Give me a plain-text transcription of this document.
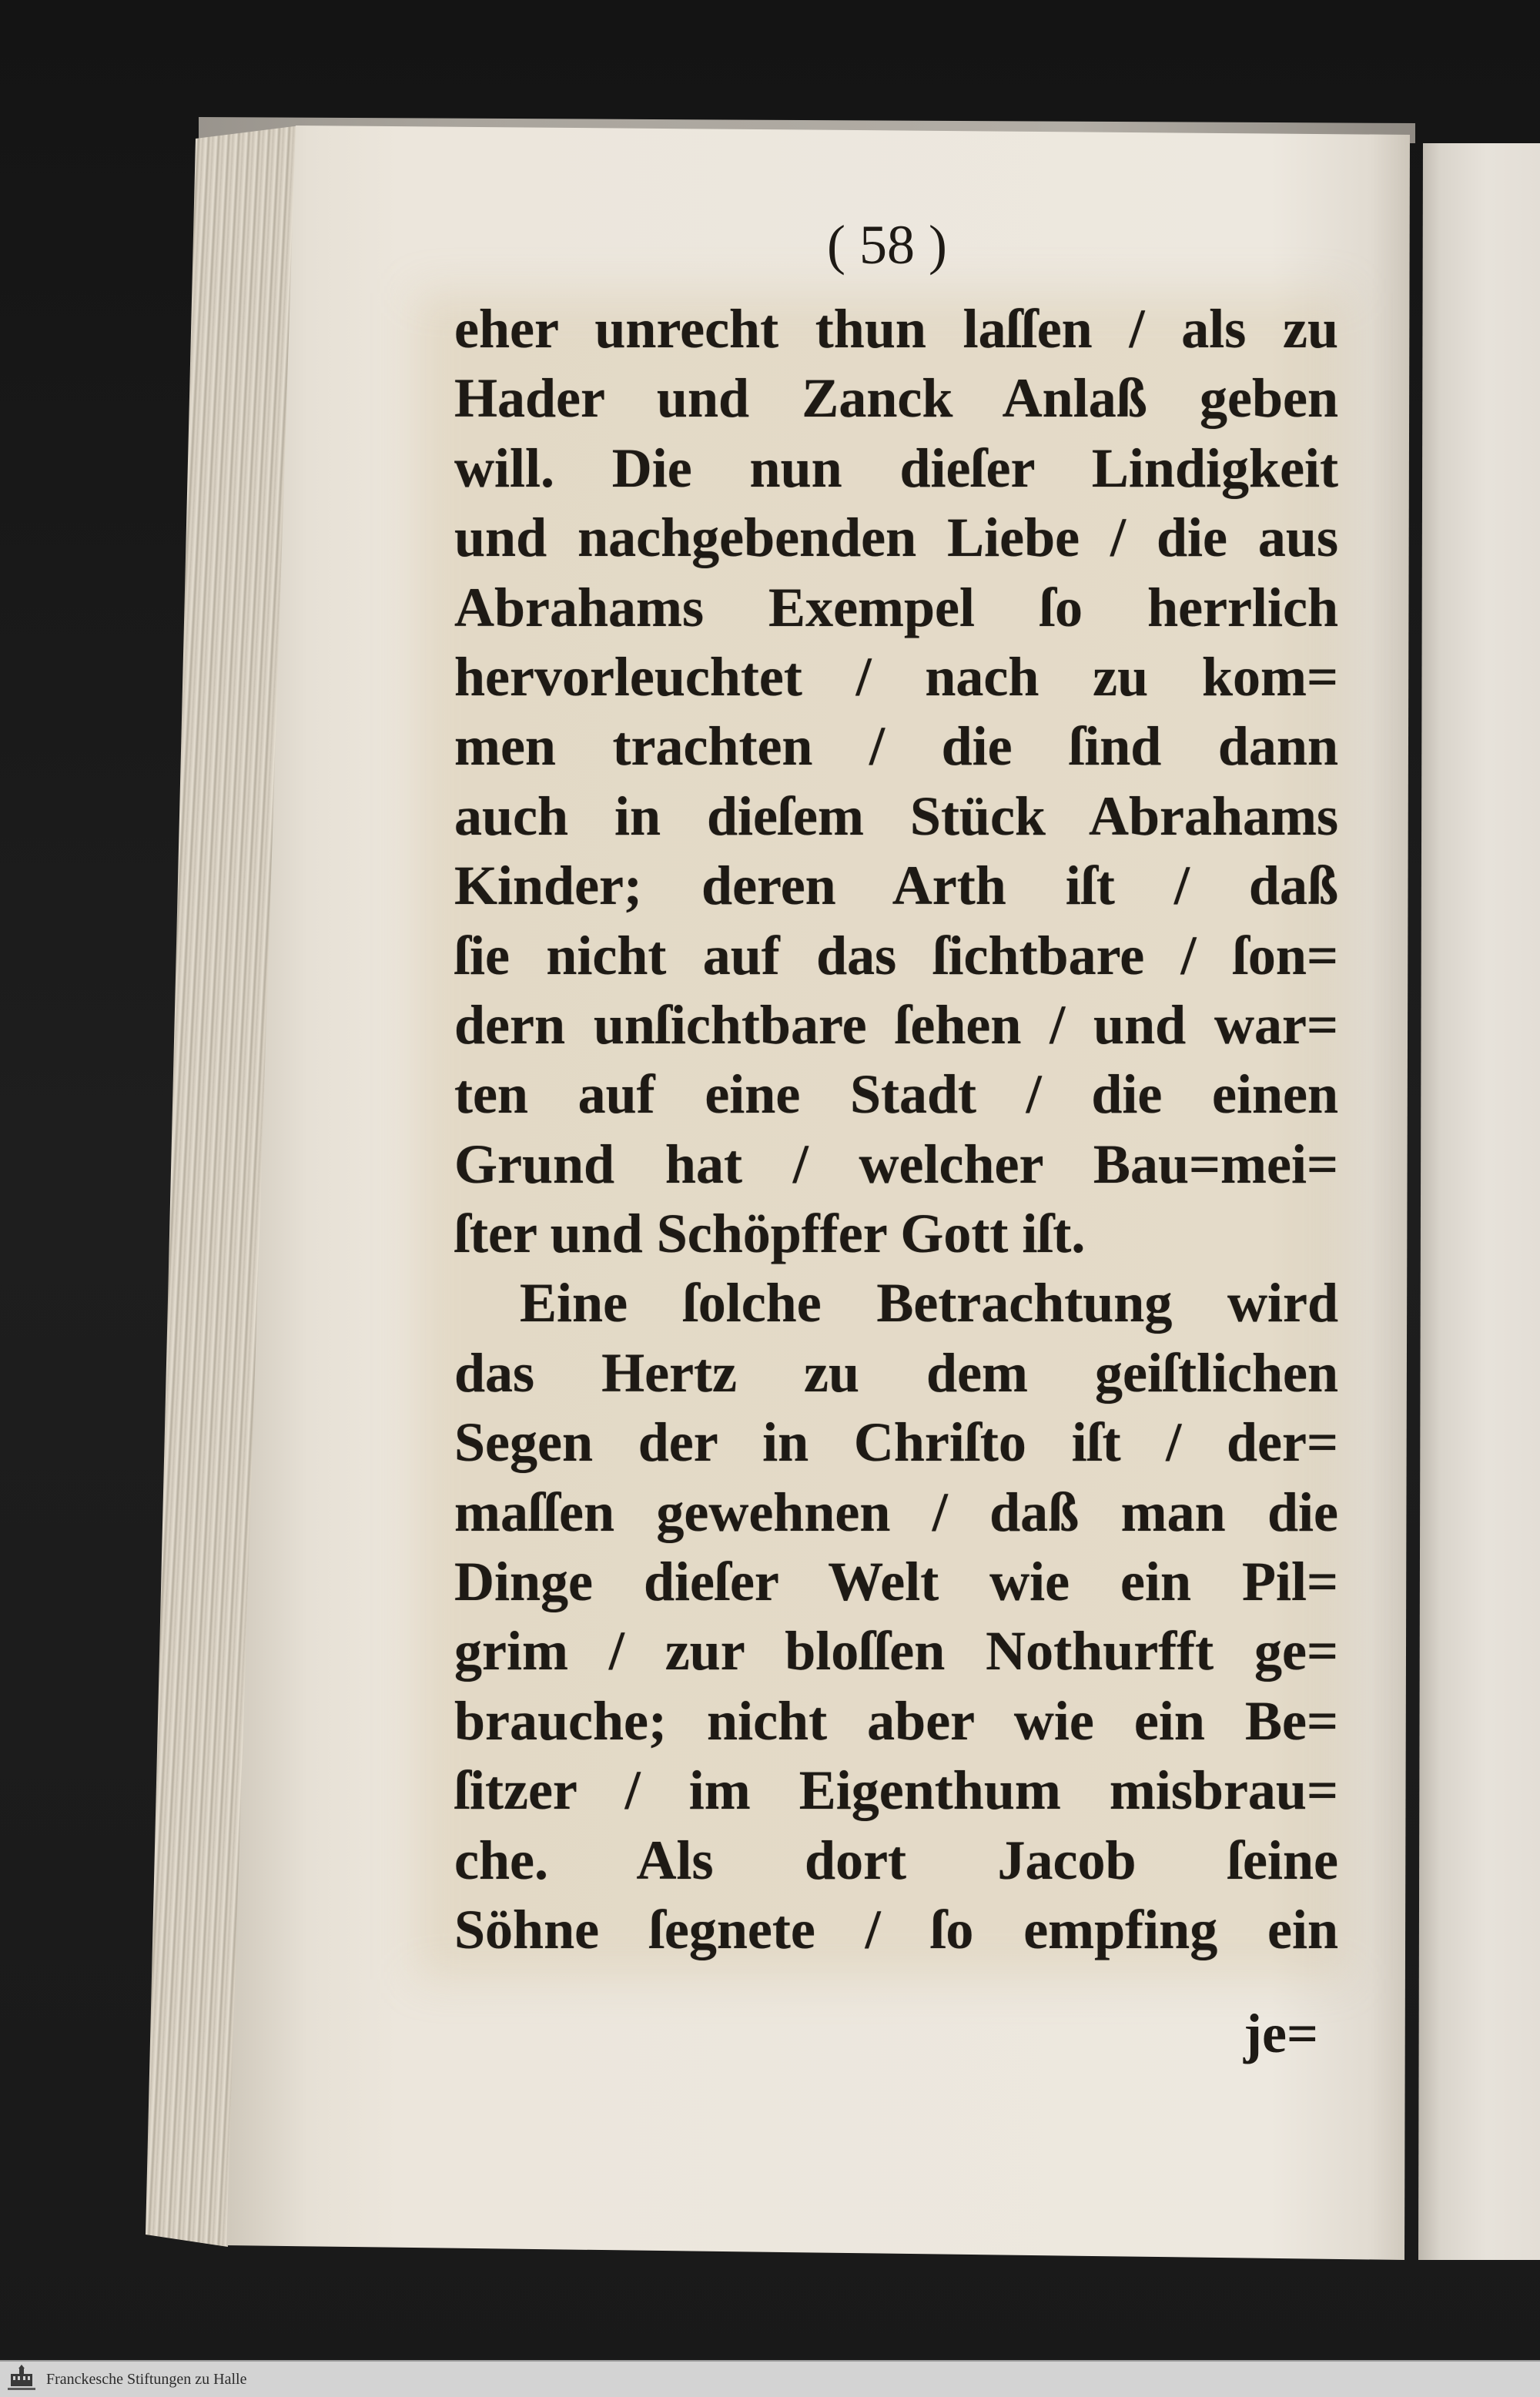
( 58 )
eher unrecht thun laſſen / als zu
Hader und Zanck Anlaß geben
will. Die nun dieſer Lindigkeit
und nachgebenden Liebe / die aus
Abrahams Exempel ſo herrlich
hervorleuchtet / nach zu kom=
men trachten / die ſind dann
auch in dieſem Stück Abrahams
Kinder; deren Arth iſt / daß
ſie nicht auf das ſichtbare / ſon=
dern unſichtbare ſehen / und war=
ten auf eine Stadt / die einen
Grund hat / welcher Bau=mei=
ſter und Schöpffer Gott iſt.
Eine ſolche Betrachtung wird
das Hertz zu dem geiſtlichen
Segen der in Chriſto iſt / der=
maſſen gewehnen / daß man die
Dinge dieſer Welt wie ein Pil=
grim / zur bloſſen Nothurfft ge=
brauche; nicht aber wie ein Be=
ſitzer / im Eigenthum misbrau=
che. Als dort Jacob ſeine
Söhne ſegnete / ſo empfing ein
je=
Franckesche Stiftungen zu Halle
